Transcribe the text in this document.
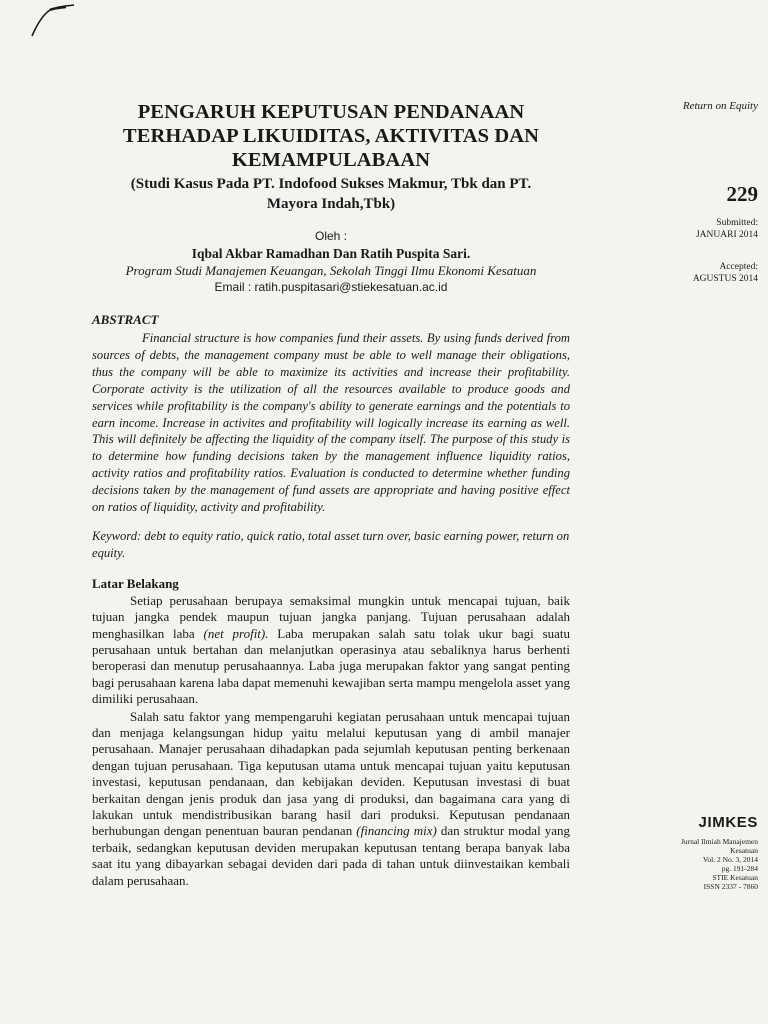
PENGARUH KEPUTUSAN PENDANAAN
TERHADAP LIKUIDITAS, AKTIVITAS DAN
KEMAMPULABAAN
(Studi Kasus Pada PT. Indofood Sukses Makmur, Tbk dan PT.
Mayora Indah,Tbk)
Oleh :
Iqbal Akbar Ramadhan Dan Ratih Puspita Sari.
Program Studi Manajemen Keuangan, Sekolah Tinggi Ilmu Ekonomi Kesatuan
Email : ratih.puspitasari@stiekesatuan.ac.id
ABSTRACT

Financial structure is how companies fund their assets. By using funds derived from sources of debts, the management company must be able to well manage their obligations, thus the company will be able to maximize its activities and increase their profitability. Corporate activity is the utilization of all the resources available to produce goods and services while profitability is the company's ability to generate earnings and the potentials to earn income. Increase in activites and profitability will logically increase its earning as well. This will definitely be affecting the liquidity of the company itself. The purpose of this study is to determine how funding decisions taken by the management influence liquidity ratios, activity ratios and profitability ratios. Evaluation is conducted to determine whether funding decisions taken by the management of fund assets are appropriate and having positive effect on ratios of liquidity, activity and profitability.

Keyword: debt to equity ratio, quick ratio, total asset turn over, basic earning power, return on equity.
Latar Belakang

Setiap perusahaan berupaya semaksimal mungkin untuk mencapai tujuan, baik tujuan jangka pendek maupun tujuan jangka panjang. Tujuan perusahaan adalah menghasilkan laba (net profit). Laba merupakan salah satu tolak ukur bagi suatu perusahaan untuk bertahan dan melanjutkan operasinya atau sebaliknya harus berhenti beroperasi dan menutup perusahaannya. Laba juga merupakan faktor yang sangat penting bagi perusahaan karena laba dapat memenuhi kewajiban serta mampu mengelola asset yang dimiliki perusahaan.

Salah satu faktor yang mempengaruhi kegiatan perusahaan untuk mencapai tujuan dan menjaga kelangsungan hidup yaitu melalui keputusan yang di ambil manajer perusahaan. Manajer perusahaan dihadapkan pada sejumlah keputusan penting berkenaan dengan tujuan perusahaan. Tiga keputusan utama untuk mencapai tujuan yaitu keputusan investasi, keputusan pendanaan, dan kebijakan deviden. Keputusan investasi di buat berkaitan dengan jenis produk dan jasa yang di produksi, dan bagaimana cara yang di lakukan untuk mendistribusikan barang hasil dari produksi. Keputusan pendanaan berhubungan dengan penentuan bauran pendanan (financing mix) dan struktur modal yang terbaik, sedangkan keputusan deviden merupakan keputusan tentang berapa banyak laba saat itu yang dibayarkan sebagai deviden dari pada di tahan untuk diinvestaikan kembali dalam perusahaan.

Return on Equity
229
Submitted:
JANUARI 2014
Accepted:
AGUSTUS 2014
JIMKES
Jurnal Ilmiah Manajemen
Kesatuan
Vol. 2 No. 3, 2014
pg. 191-284
STIE Kesatuan
ISSN 2337 - 7860
